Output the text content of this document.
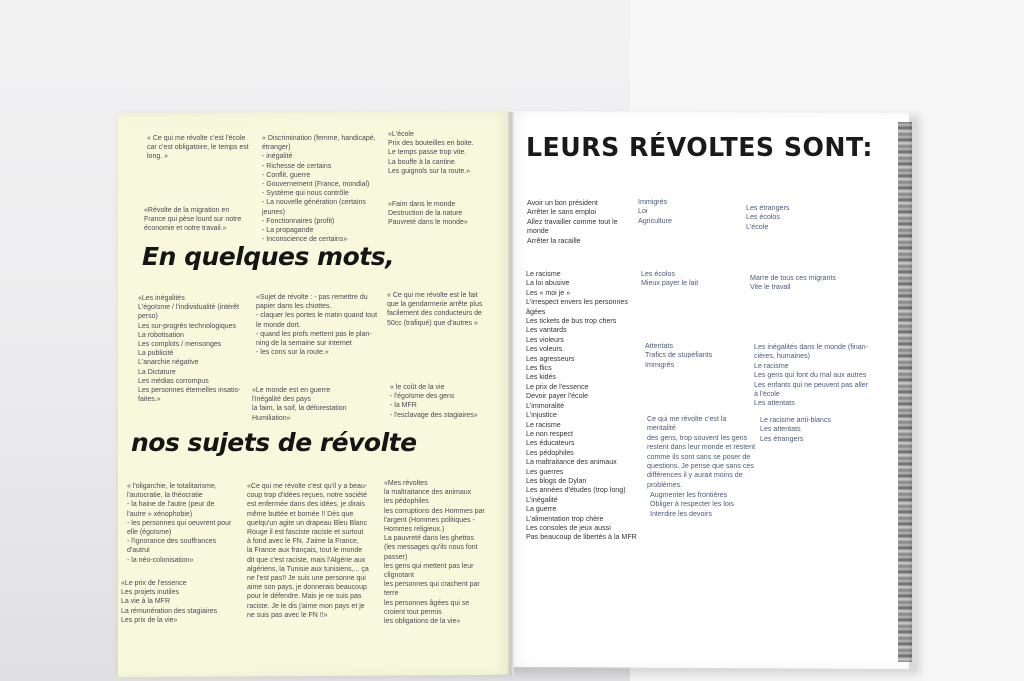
« Ce qui me révolte c'est l'école
car c'est obligatoire, le temps est
long. »
« Discrimination (femme, handicapé,
étranger)
- inégalité
- Richesse de certains
- Conflit, guerre
- Gouvernement (France, mondial)
- Système qui nous contrôle
- La nouvelle génération (certains
jeunes)
- Fonctionnaires (profit)
- La propagande
- Inconscience de certains»
«L'école
Prix des bouteilles en boite.
Le temps passe trop vite.
La bouffe à la cantine.
Les guignols sur la route.»
«Révolte de la migration en
France qui pèse lourd sur notre
économie et notre travail.»
«Faim dans le monde
Destruction de la nature
Pauvreté dans le monde»
En quelques mots,
«Les inégalités
L'égoïsme / l'individualité (intérêt
perso)
Les sur-progrès technologiques
La robotisation
Les complots / mensonges
La publicité
L'anarchie négative
La Dictature
Les médias corrompus
Les personnes éternelles insatis-
faites.»
«Sujet de révolte : - pas remettre du
papier dans les chiottes.
- claquer les portes le matin quand tout
le monde dort.
- quand les profs mettent pas le plan-
ning de la semaine sur internet
- les cons sur la route.»
« Ce qui me révolte est le fait
que la gendarmerie arrête plus
facilement des conducteurs de
50cc (trafiqué) que d'autres »
«Le monde est en guerre
l'inégalité des pays
la faim, la soif, la déforestation
Humiliation»
« le coût de la vie
- l'égoïsme des gens
- la MFR
- l'esclavage des stagiaires»
nos sujets de révolte
« l'oligarchie, le totalitarisme,
l'autocratie, la théocratie
- la haine de l'autre (peur de
l'autre » xénophobie)
- les personnes qui oeuvrent pour
elle (égoïsme)
- l'ignorance des souffrances
d'autrui
- la néo-colonisation»
«Ce qui me révolte c'est qu'il y a beau-
coup trop d'idées reçues, notre société
est enfermée dans des idées, je dirais
même buttée et bornée !! Dès que
quelqu'un agite un drapeau Bleu Blanc
Rouge il est fasciste raciste et surtout
à fond avec le FN. J'aime la France,
la France aux français, tout le monde
dit que c'est raciste, mais l'Algérie aux
algériens, la Tunisie aux tunisiens,... ça
ne l'est pas!! Je suis une personne qui
aime son pays, je donnerais beaucoup
pour le défendre. Mais je ne suis pas
raciste. Je le dis j'aime mon pays et je
ne suis pas avec le FN !!»
«Mes révoltes
la maltraitance des animaux
les pédophiles
les corruptions des Hommes par
l'argent (Hommes politiques -
Hommes religieux.)
La pauvreté dans les ghettos
(les messages qu'ils nous font
passer)
les gens qui mettent pas leur
clignotant
les personnes qui crachent par
terre
les personnes âgées qui se
croient tout permis
les obligations de la vie»
«Le prix de l'essence
Les projets inutiles
La vie à la MFR
La rémunération des stagiaires
Les prix de la vie»
LEURS RÉVOLTES SONT:
Avoir un bon président
Arrêter le sans emploi
Allez travailler comme tout le
monde
Arrêter la racaille
Immigrés
Loi
Agriculture
Les étrangers
Les écolos
L'école
Le racisme
La loi abusive
Les « moi je »
L'irrespect envers les personnes
âgées
Les tickets de bus trop chers
Les vantards
Les violeurs
Les voleurs
Les agresseurs
Les flics
Les kidés
Le prix de l'essence
Devoir payer l'école
L'immoralité
L'injustice
Le racisme
Le non respect
Les éducateurs
Les pédophiles
La maltraitance des animaux
Les guerres
Les blogs de Dylan
Les années d'études (trop long)
L'inégalité
La guerre
L'alimentation trop chère
Les consoles de jeux aussi
Pas beaucoup de libertés à la MFR
Les écolos
Mieux payer le lait
Marre de tous ces migrants
Vite le travail
Attentats
Trafics de stupéfiants
Immigrés
Les inégalités dans le monde (finan-
cières, humaines)
Le racisme
Les gens qui font du mal aux autres
Les enfants qui ne peuvent pas aller
à l'école
Les attentats
Ce qui me révolte c'est la mentalité
des gens, trop souvent les gens
restent dans leur monde et restent
comme ils sont sans se poser de
questions. Je pense que sans ces
différences il y aurait moins de
problèmes.
Le racisme anti-blancs
Les attentats
Les étrangers
Augmenter les frontières
Obliger à respecter les lois
Interdire les devoirs
